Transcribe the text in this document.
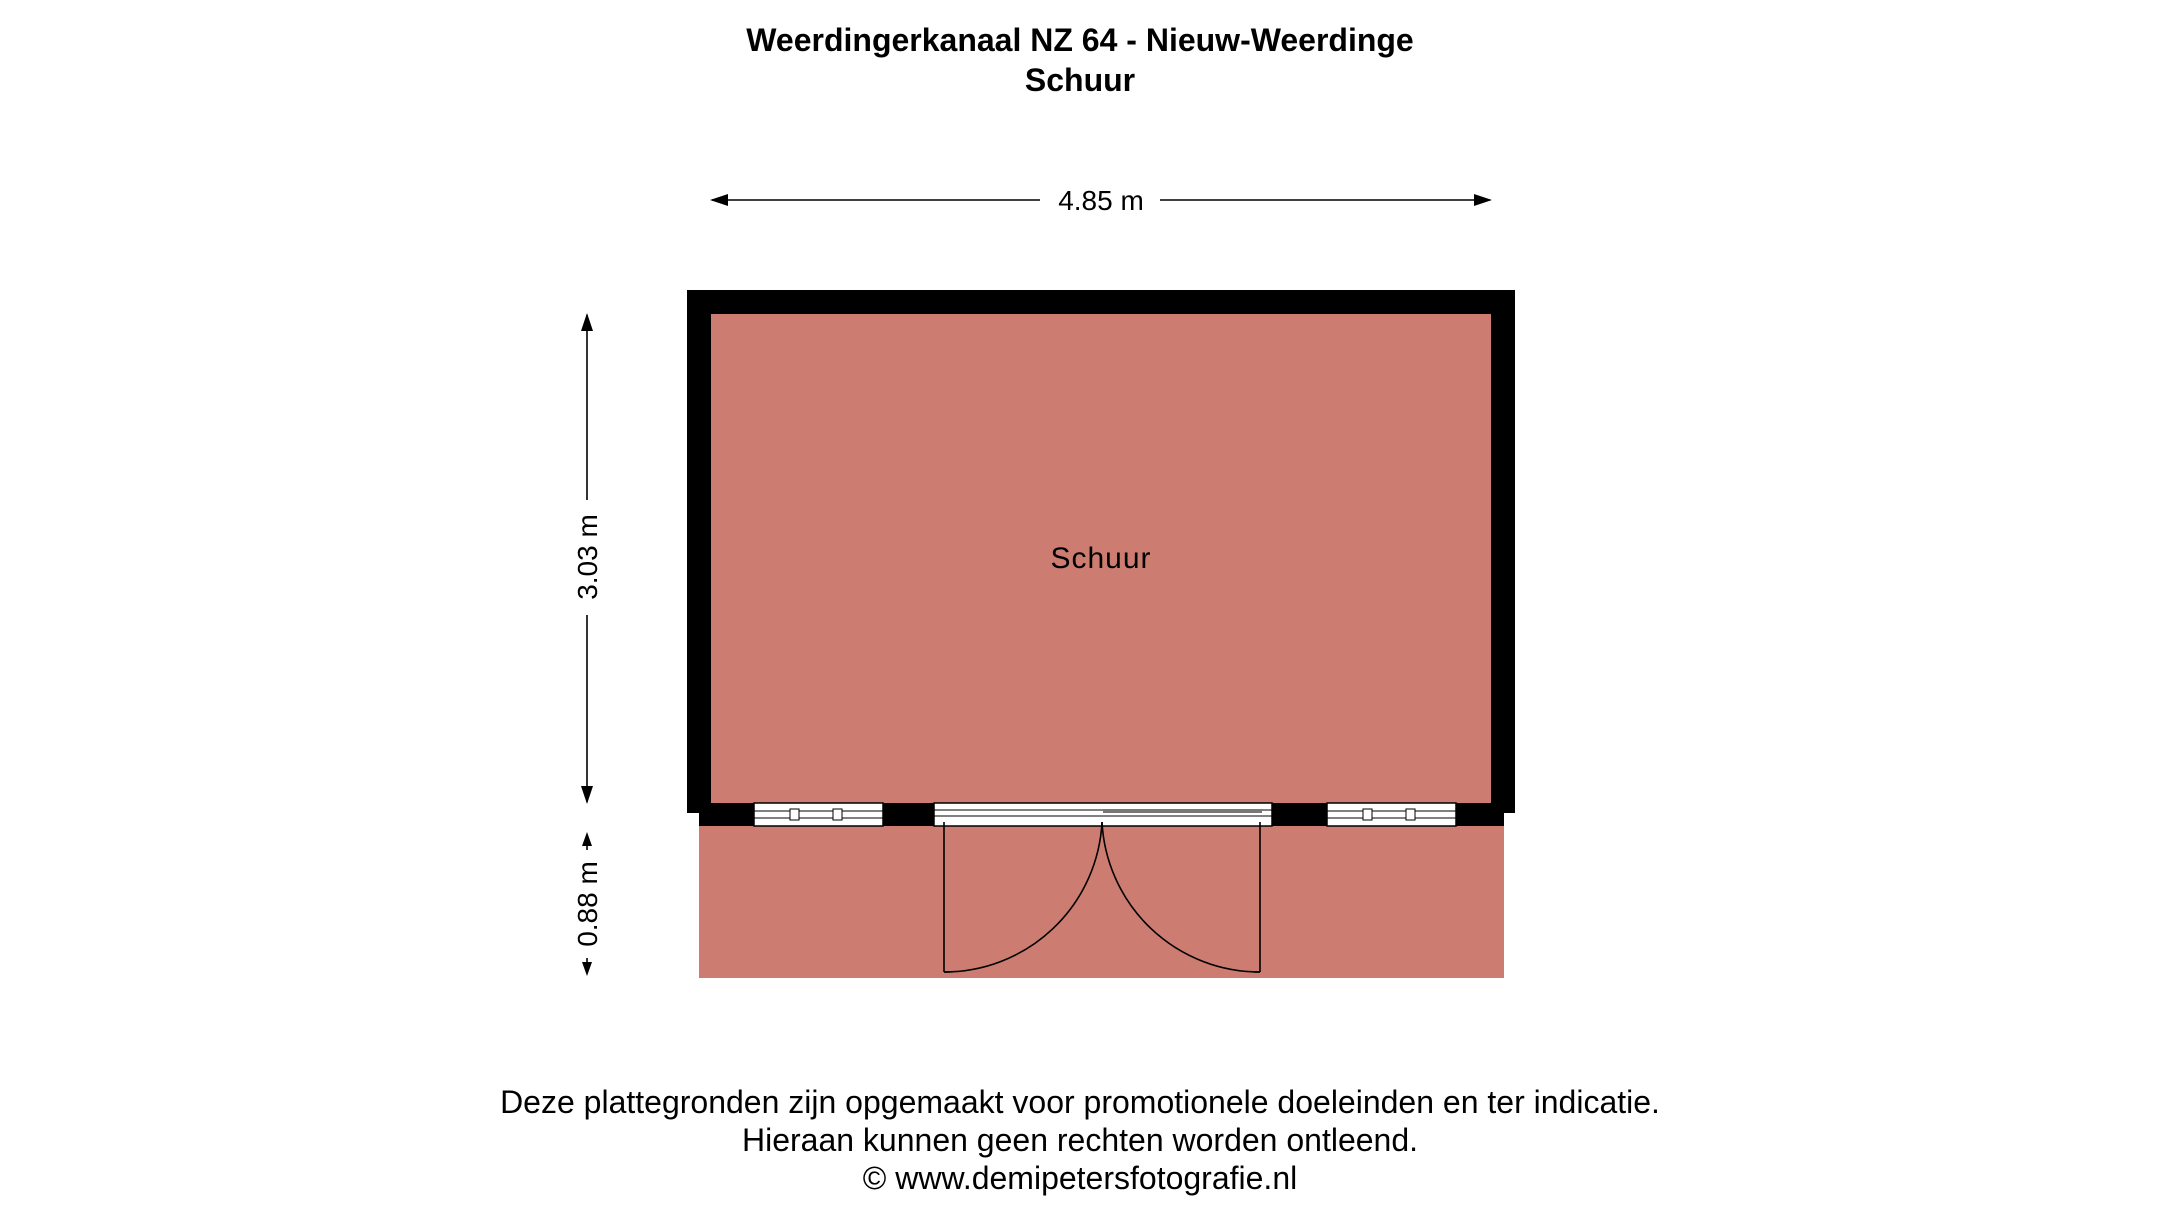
Weerdingerkanaal NZ 64 - Nieuw-Weerdinge
Schuur
Schuur
4.85 m
3.03 m
0.88 m
Deze plattegronden zijn opgemaakt voor promotionele doeleinden en ter indicatie.
Hieraan kunnen geen rechten worden ontleend.
© www.demipetersfotografie.nl
